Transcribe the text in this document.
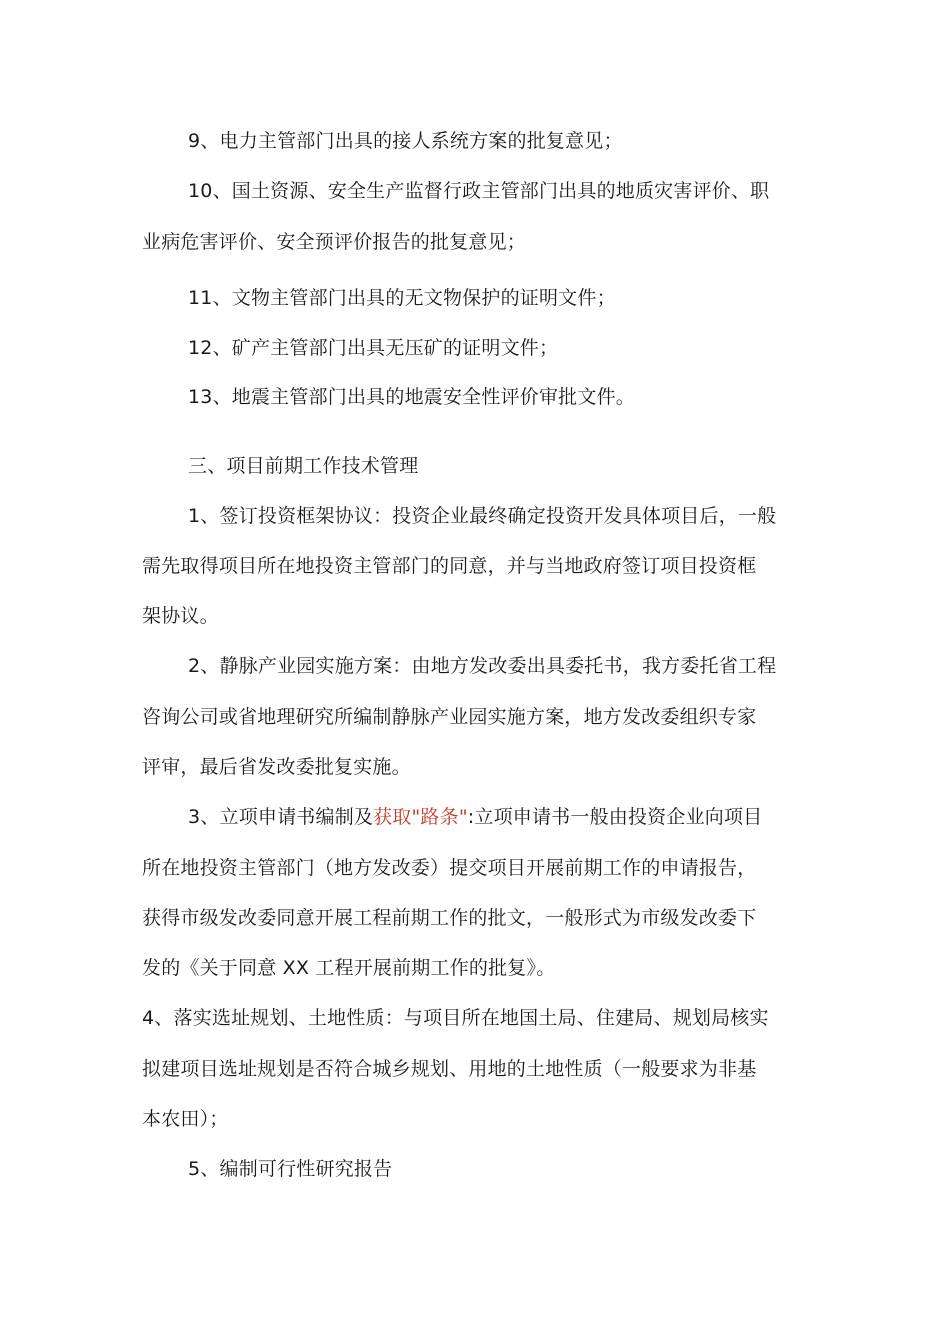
9、电力主管部门出具的接人系统方案的批复意见；
10、国土资源、安全生产监督行政主管部门出具的地质灾害评价、职
业病危害评价、安全预评价报告的批复意见；
11、文物主管部门出具的无文物保护的证明文件；
12、矿产主管部门出具无压矿的证明文件；
13、地震主管部门出具的地震安全性评价审批文件。
三、项目前期工作技术管理
1、签订投资框架协议：投资企业最终确定投资开发具体项目后，一般
需先取得项目所在地投资主管部门的同意，并与当地政府签订项目投资框
架协议。
2、静脉产业园实施方案：由地方发改委出具委托书，我方委托省工程
咨询公司或省地理研究所编制静脉产业园实施方案，地方发改委组织专家
评审，最后省发改委批复实施。
3、立项申请书编制及获取"路条":立项申请书一般由投资企业向项目
所在地投资主管部门（地方发改委）提交项目开展前期工作的申请报告，
获得市级发改委同意开展工程前期工作的批文，一般形式为市级发改委下
发的《关于同意 XX 工程开展前期工作的批复》。
4、落实选址规划、土地性质：与项目所在地国土局、住建局、规划局核实
拟建项目选址规划是否符合城乡规划、用地的土地性质（一般要求为非基
本农田）；
5、编制可行性研究报告
